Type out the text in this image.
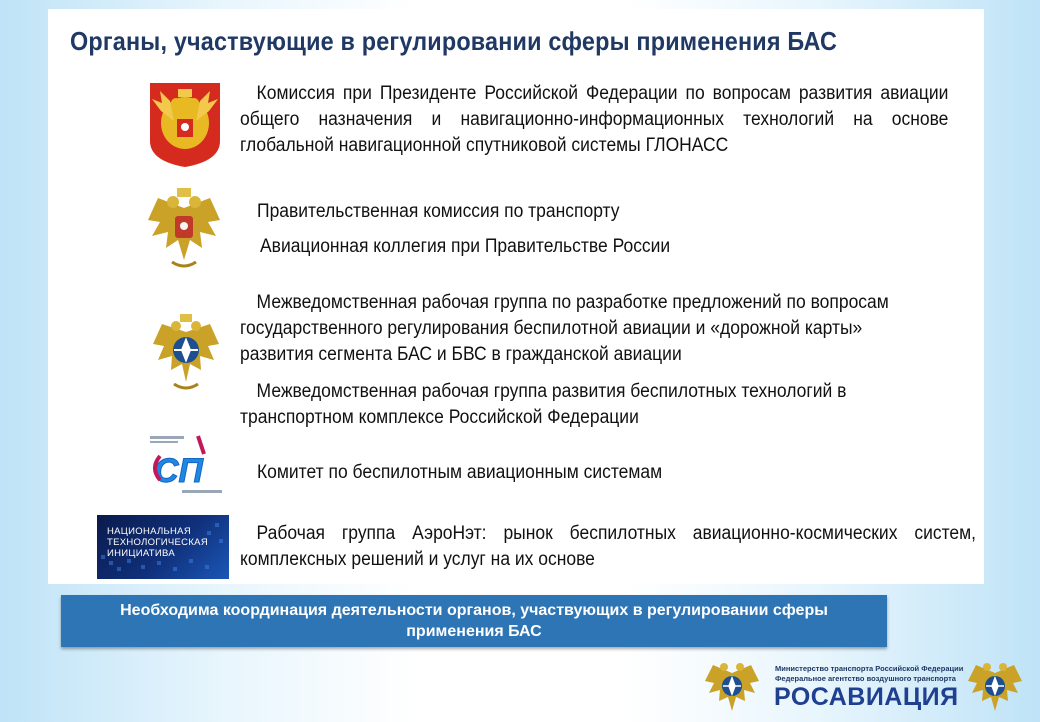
Органы, участвующие в регулировании сферы применения БАС
Комиссия при Президенте Российской Федерации по вопросам развития авиации общего назначения и навигационно-информационных технологий на основе глобальной навигационной спутниковой системы ГЛОНАСС
Правительственная комиссия по транспорту
Авиационная коллегия при Правительстве России
Межведомственная рабочая группа по разработке предложений по вопросам государственного регулирования беспилотной авиации и «дорожной карты» развития сегмента БАС и БВС в гражданской авиации
Межведомственная рабочая группа развития беспилотных технологий в транспортном комплексе Российской Федерации
СП	Комитет по беспилотным авиационным системам
НАЦИОНАЛЬНАЯ
ТЕХНОЛОГИЧЕСКАЯ
ИНИЦИАТИВА
Рабочая группа АэроНэт: рынок беспилотных авиационно-космических систем, комплексных решений и услуг на их основе
Необходима координация деятельности органов, участвующих в регулировании сферы
применения БАС
Министерство транспорта Российской Федерации
Федеральное агентство воздушного транспорта
РОСАВИАЦИЯ
